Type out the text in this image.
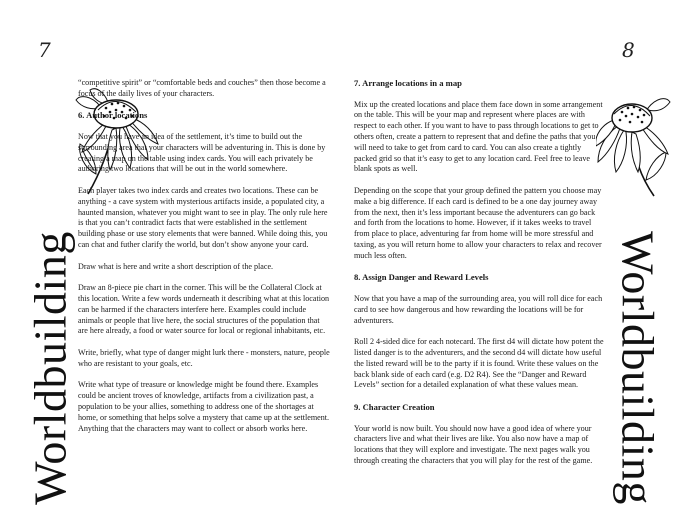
7	8
Worldbuilding	Worldbuilding

“competitive spirit” or “comfortable beds and couches” then those become a focus of the daily lives of your characters.

6. Author locations

Now that you have an idea of the settlement, it’s time to build out the surrounding area that your characters will be adventuring in. This is done by creating a map on the table using index cards. You will each privately be authoring two locations that will be out in the world somewhere.

Each player takes two index cards and creates two locations. These can be anything - a cave system with mysterious artifacts inside, a populated city, a haunted mansion, whatever you might want to see in play. The only rule here is that you can’t contradict facts that were established in the settlement building phase or use story elements that were banned. While doing this, you can chat and futher clarify the world, but don’t show anyone your card.

Draw what is here and write a short description of the place.

Draw an 8-piece pie chart in the corner. This will be the Collateral Clock at this location. Write a few words underneath it describing what at this location can be harmed if the characters interfere here. Examples could include animals or people that live here, the social structures of the population that are here already, a food or water source for local or regional inhabitants, etc.

Write, briefly, what type of danger might lurk there - monsters, nature, people who are resistant to your goals, etc.

Write what type of treasure or knowledge might be found there. Examples could be ancient troves of knowledge, artifacts from a civilization past, a population to be your allies, something to address one of the shortages at home, or something that helps solve a mystery that came up at the settlement. Anything that the characters may want to collect or absorb works here.

7. Arrange locations in a map

Mix up the created locations and place them face down in some arrangement on the table. This will be your map and represent where places are with respect to each other. If you want to have to pass through locations to get to others often, create a pattern to represent that and define the paths that you will need to take to get from card to card. You can also create a tightly packed grid so that it’s easy to get to any location card. Feel free to leave blank spots as well.

Depending on the scope that your group defined the pattern you choose may make a big difference. If each card is defined to be a one day journey away from the next, then it’s less important because the adventurers can go back and forth from the locations to home. However, if it takes weeks to travel from place to place, adventuring far from home will be more stressful and taxing, as you will return home to allow your characters to relax and recover much less often.

8. Assign Danger and Reward Levels

Now that you have a map of the surrounding area, you will roll dice for each card to see how dangerous and how rewarding the locations will be for adventurers.

Roll 2 4-sided dice for each notecard. The first d4 will dictate how potent the listed danger is to the adventurers, and the second d4 will dictate how useful the listed reward will be to the party if it is found. Write these values on the back blank side of each card (e.g. D2 R4). See the “Danger and Reward Levels” section for a detailed explanation of what these values mean.

9. Character Creation

Your world is now built. You should now have a good idea of where your characters live and what their lives are like. You also now have a map of locations that they will explore and investigate. The next pages walk you through creating the characters that you will play for the rest of the game.
